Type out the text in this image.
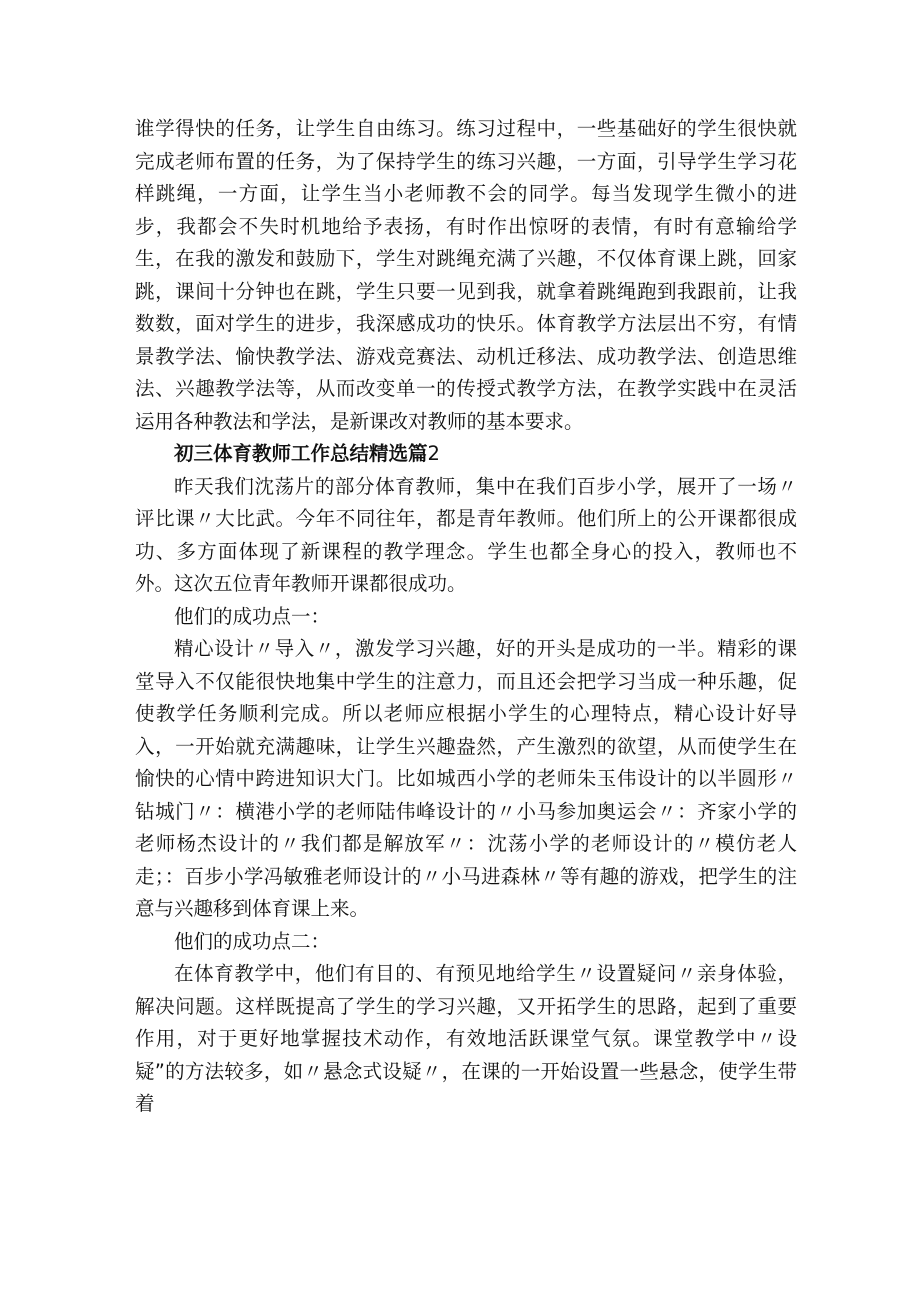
谁学得快的任务，让学生自由练习。练习过程中，一些基础好的学生很快就完成老师布置的任务，为了保持学生的练习兴趣，一方面，引导学生学习花样跳绳，一方面，让学生当小老师教不会的同学。每当发现学生微小的进步，我都会不失时机地给予表扬，有时作出惊呀的表情，有时有意输给学生，在我的激发和鼓励下，学生对跳绳充满了兴趣，不仅体育课上跳，回家跳，课间十分钟也在跳，学生只要一见到我，就拿着跳绳跑到我跟前，让我数数，面对学生的进步，我深感成功的快乐。体育教学方法层出不穷，有情景教学法、愉快教学法、游戏竞赛法、动机迁移法、成功教学法、创造思维法、兴趣教学法等，从而改变单一的传授式教学方法，在教学实践中在灵活运用各种教法和学法，是新课改对教师的基本要求。

初三体育教师工作总结精选篇2

昨天我们沈荡片的部分体育教师，集中在我们百步小学，展开了一场〃评比课〃大比武。今年不同往年，都是青年教师。他们所上的公开课都很成功、多方面体现了新课程的教学理念。学生也都全身心的投入，教师也不外。这次五位青年教师开课都很成功。

他们的成功点一：

精心设计〃导入〃，激发学习兴趣，好的开头是成功的一半。精彩的课堂导入不仅能很快地集中学生的注意力，而且还会把学习当成一种乐趣，促使教学任务顺利完成。所以老师应根据小学生的心理特点，精心设计好导入，一开始就充满趣味，让学生兴趣盎然，产生激烈的欲望，从而使学生在愉快的心情中跨进知识大门。比如城西小学的老师朱玉伟设计的以半圆形〃钻城门〃：横港小学的老师陆伟峰设计的〃小马参加奥运会〃：齐家小学的老师杨杰设计的〃我们都是解放军〃：沈荡小学的老师设计的〃模仿老人走；：百步小学冯敏雅老师设计的〃小马进森林〃等有趣的游戏，把学生的注意与兴趣移到体育课上来。

他们的成功点二：

在体育教学中，他们有目的、有预见地给学生〃设置疑问〃亲身体验，解决问题。这样既提高了学生的学习兴趣，又开拓学生的思路，起到了重要作用，对于更好地掌握技术动作，有效地活跃课堂气氛。课堂教学中〃设疑”的方法较多，如〃悬念式设疑〃，在课的一开始设置一些悬念，使学生带着
